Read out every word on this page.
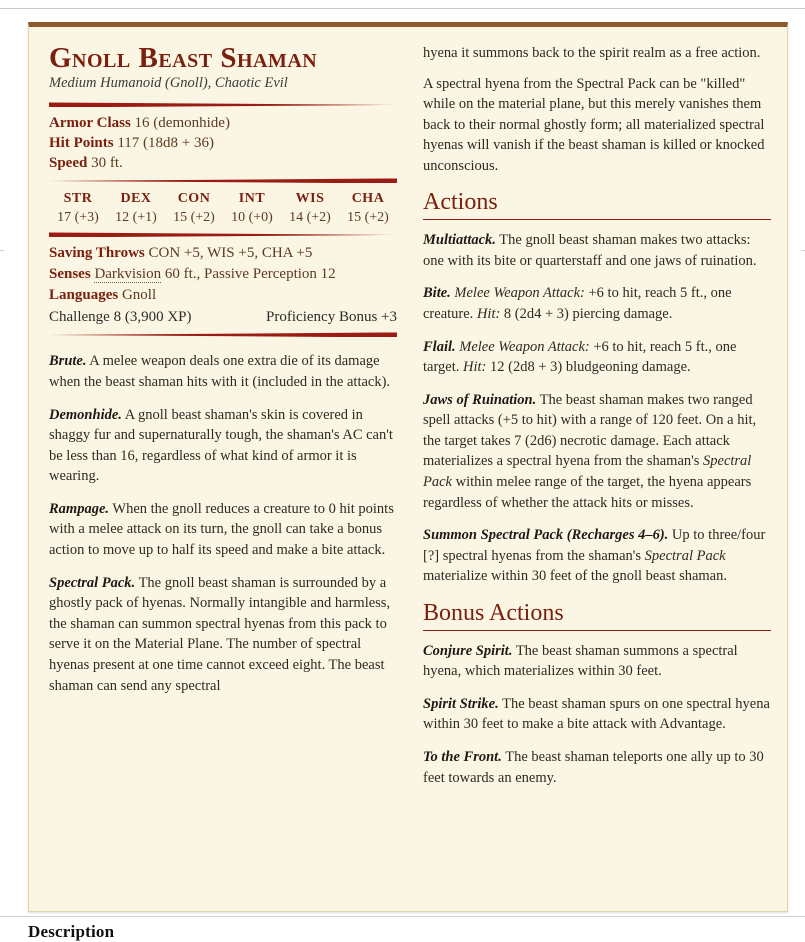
Gnoll Beast Shaman
Medium Humanoid (Gnoll), Chaotic Evil
Armor Class 16 (demonhide)
Hit Points 117 (18d8 + 36)
Speed 30 ft.
STR
17 (+3)
DEX
12 (+1)
CON
15 (+2)
INT
10 (+0)
WIS
14 (+2)
CHA
15 (+2)
Saving Throws CON +5, WIS +5, CHA +5
Senses Darkvision 60 ft., Passive Perception 12
Languages Gnoll
Challenge 8 (3,900 XP)	Proficiency Bonus +3

Brute. A melee weapon deals one extra die of its damage when the beast shaman hits with it (included in the attack).

Demonhide. A gnoll beast shaman's skin is covered in shaggy fur and supernaturally tough, the shaman's AC can't be less than 16, regardless of what kind of armor it is wearing.

Rampage. When the gnoll reduces a creature to 0 hit points with a melee attack on its turn, the gnoll can take a bonus action to move up to half its speed and make a bite attack.

Spectral Pack. The gnoll beast shaman is surrounded by a ghostly pack of hyenas. Normally intangible and harmless, the shaman can summon spectral hyenas from this pack to serve it on the Material Plane. The number of spectral hyenas present at one time cannot exceed eight. The beast shaman can send any spectral

hyena it summons back to the spirit realm as a free action.

A spectral hyena from the Spectral Pack can be "killed" while on the material plane, but this merely vanishes them back to their normal ghostly form; all materialized spectral hyenas will vanish if the beast shaman is killed or knocked unconscious.

Actions

Multiattack. The gnoll beast shaman makes two attacks: one with its bite or quarterstaff and one jaws of ruination.

Bite. Melee Weapon Attack: +6 to hit, reach 5 ft., one creature. Hit: 8 (2d4 + 3) piercing damage.

Flail. Melee Weapon Attack: +6 to hit, reach 5 ft., one target. Hit: 12 (2d8 + 3) bludgeoning damage.

Jaws of Ruination. The beast shaman makes two ranged spell attacks (+5 to hit) with a range of 120 feet. On a hit, the target takes 7 (2d6) necrotic damage. Each attack materializes a spectral hyena from the shaman's Spectral Pack within melee range of the target, the hyena appears regardless of whether the attack hits or misses.

Summon Spectral Pack (Recharges 4–6). Up to three/four [?] spectral hyenas from the shaman's Spectral Pack materialize within 30 feet of the gnoll beast shaman.

Bonus Actions

Conjure Spirit. The beast shaman summons a spectral hyena, which materializes within 30 feet.

Spirit Strike. The beast shaman spurs on one spectral hyena within 30 feet to make a bite attack with Advantage.

To the Front. The beast shaman teleports one ally up to 30 feet towards an enemy.

Description
